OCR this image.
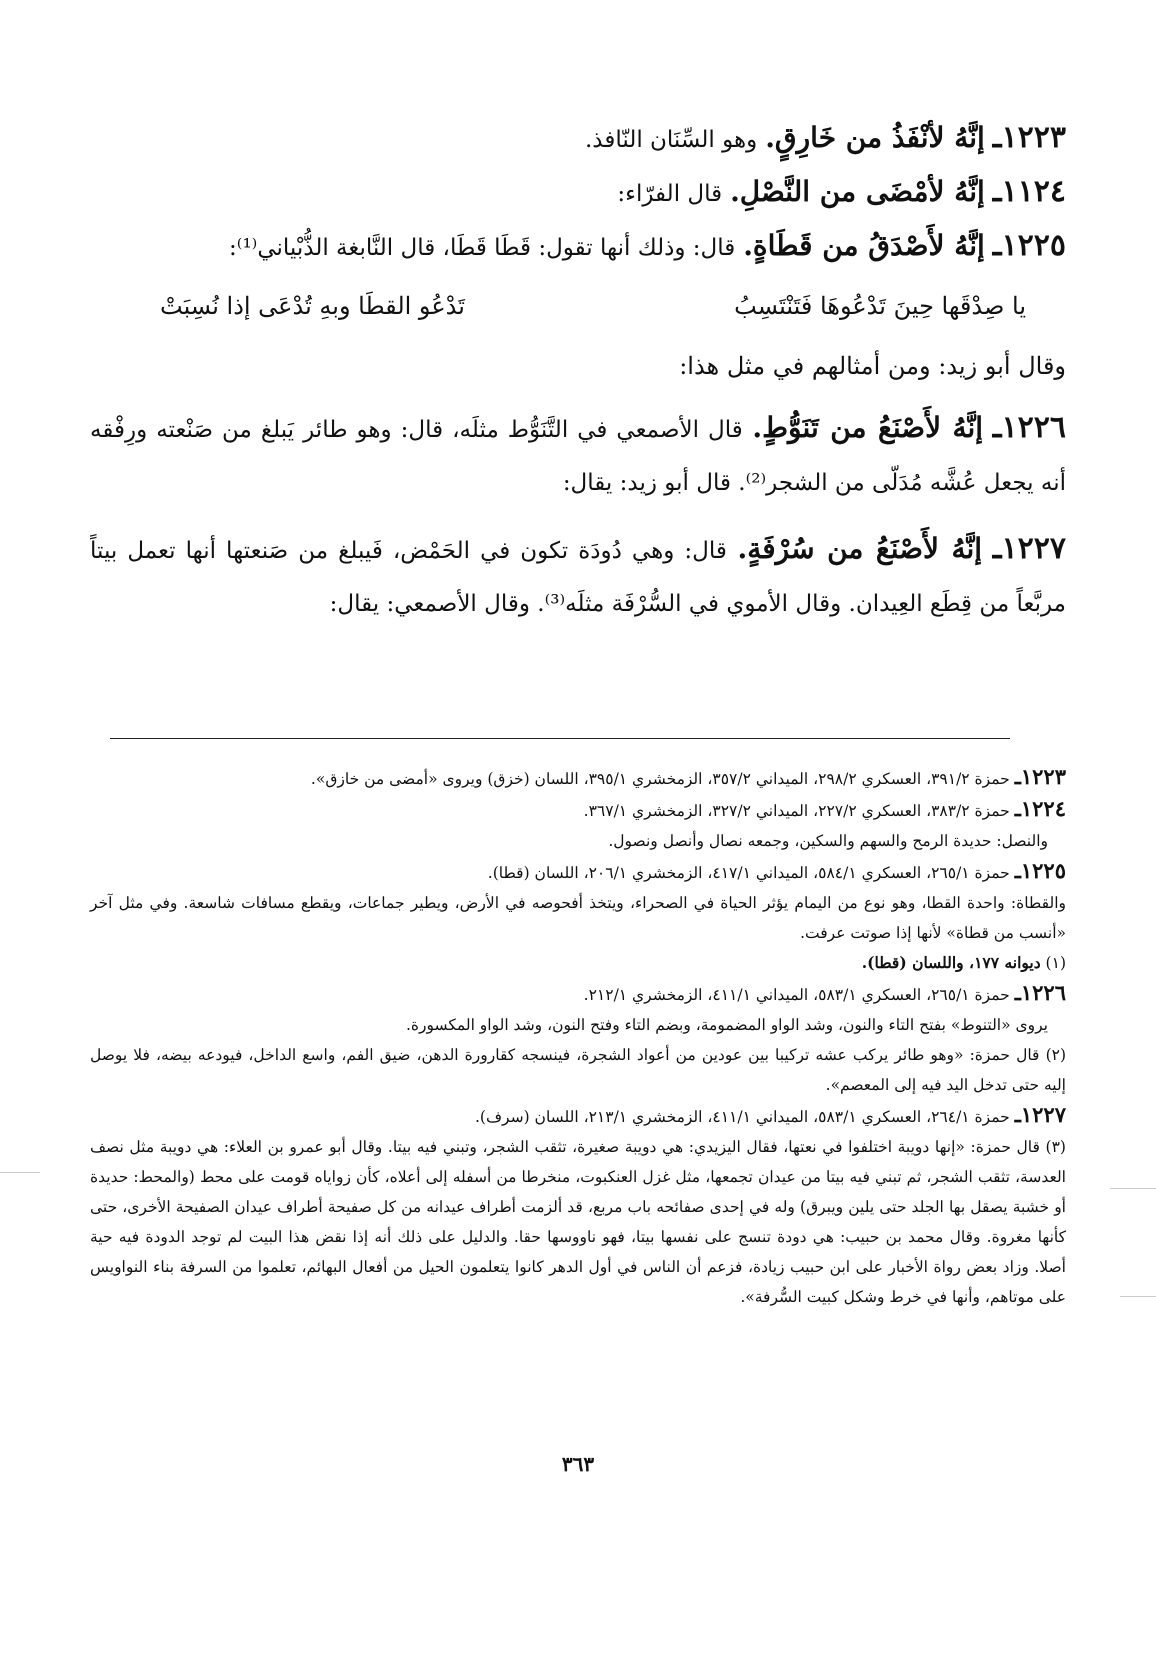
١٢٢٣ـ إنَّهُ لأنْفَذُ من خَارِقٍ. وهو السِّنَان النّافذ.

١١٢٤ـ إنَّهُ لأمْضَى من النَّصْلِ. قال الفرّاء:

١٢٢٥ـ إنَّهُ لأَصْدَقُ من قَطَاةٍ. قال: وذلك أنها تقول: قَطَا قَطَا، قال النَّابغة الذُّبْياني⁽¹⁾:

يا صِدْقَها حِينَ تَدْعُوهَا فَتَنْتَسِبُ
تَدْعُو القطَا وبهِ تُدْعَى إذا نُسِبَتْ

وقال أبو زيد: ومن أمثالهم في مثل هذا:

١٢٢٦ـ إنَّهُ لأَصْنَعُ من تَنَوُّطٍ. قال الأصمعي في التَّنَوُّط مثلَه، قال: وهو طائر يَبلغ من صَنْعته ورِفْقه أنه يجعل عُشَّه مُدَلّى من الشجر⁽²⁾. قال أبو زيد: يقال:

١٢٢٧ـ إنَّهُ لأَصْنَعُ من سُرْفَةٍ. قال: وهي دُودَة تكون في الحَمْض، فَيبلغ من صَنعتها أنها تعمل بيتاً مربَّعاً من قِطَع العِيدان. وقال الأموي في السُّرْفَة مثلَه⁽³⁾. وقال الأصمعي: يقال:

١٢٢٣ـ حمزة ٣٩١/٢، العسكري ٢٩٨/٢، الميداني ٣٥٧/٢، الزمخشري ٣٩٥/١، اللسان (خزق) ويروى «أمضى من خازق».

١٢٢٤ـ حمزة ٣٨٣/٢، العسكري ٢٢٧/٢، الميداني ٣٢٧/٢، الزمخشري ٣٦٧/١.

والنصل: حديدة الرمح والسهم والسكين، وجمعه نصال وأنصل ونصول.

١٢٢٥ـ حمزة ٢٦٥/١، العسكري ٥٨٤/١، الميداني ٤١٧/١، الزمخشري ٢٠٦/١، اللسان (قطا).

والقطاة: واحدة القطا، وهو نوع من اليمام يؤثر الحياة في الصحراء، ويتخذ أفحوصه في الأرض، ويطير جماعات، ويقطع مسافات شاسعة. وفي مثل آخر «أنسب من قطاة» لأنها إذا صوتت عرفت.

(١) ديوانه ١٧٧، واللسان (قطا).

١٢٢٦ـ حمزة ٢٦٥/١، العسكري ٥٨٣/١، الميداني ٤١١/١، الزمخشري ٢١٢/١.

يروى «التنوط» بفتح التاء والنون، وشد الواو المضمومة، وبضم التاء وفتح النون، وشد الواو المكسورة.

(٢) قال حمزة: «وهو طائر يركب عشه تركيبا بين عودين من أعواد الشجرة، فينسجه كقارورة الدهن، ضيق الفم، واسع الداخل، فيودعه بيضه، فلا يوصل إليه حتى تدخل اليد فيه إلى المعصم».

١٢٢٧ـ حمزة ٢٦٤/١، العسكري ٥٨٣/١، الميداني ٤١١/١، الزمخشري ٢١٣/١، اللسان (سرف).

(٣) قال حمزة: «إنها دويبة اختلفوا في نعتها، فقال اليزيدي: هي دويبة صغيرة، تثقب الشجر، وتبني فيه بيتا. وقال أبو عمرو بن العلاء: هي دويبة مثل نصف العدسة، تثقب الشجر، ثم تبني فيه بيتا من عيدان تجمعها، مثل غزل العنكبوت، منخرطا من أسفله إلى أعلاه، كأن زواياه قومت على محط (والمحط: حديدة أو خشبة يصقل بها الجلد حتى يلين ويبرق) وله في إحدى صفائحه باب مربع، قد ألزمت أطراف عيدانه من كل صفيحة أطراف عيدان الصفيحة الأخرى، حتى كأنها مغروة. وقال محمد بن حبيب: هي دودة تنسج على نفسها بيتا، فهو ناووسها حقا. والدليل على ذلك أنه إذا نقض هذا البيت لم توجد الدودة فيه حية أصلا. وزاد بعض رواة الأخبار على ابن حبيب زيادة، فزعم أن الناس في أول الدهر كانوا يتعلمون الحيل من أفعال البهائم، تعلموا من السرفة بناء النواويس على موتاهم، وأنها في خرط وشكل كبيت السُّرفة».

٣٦٣
